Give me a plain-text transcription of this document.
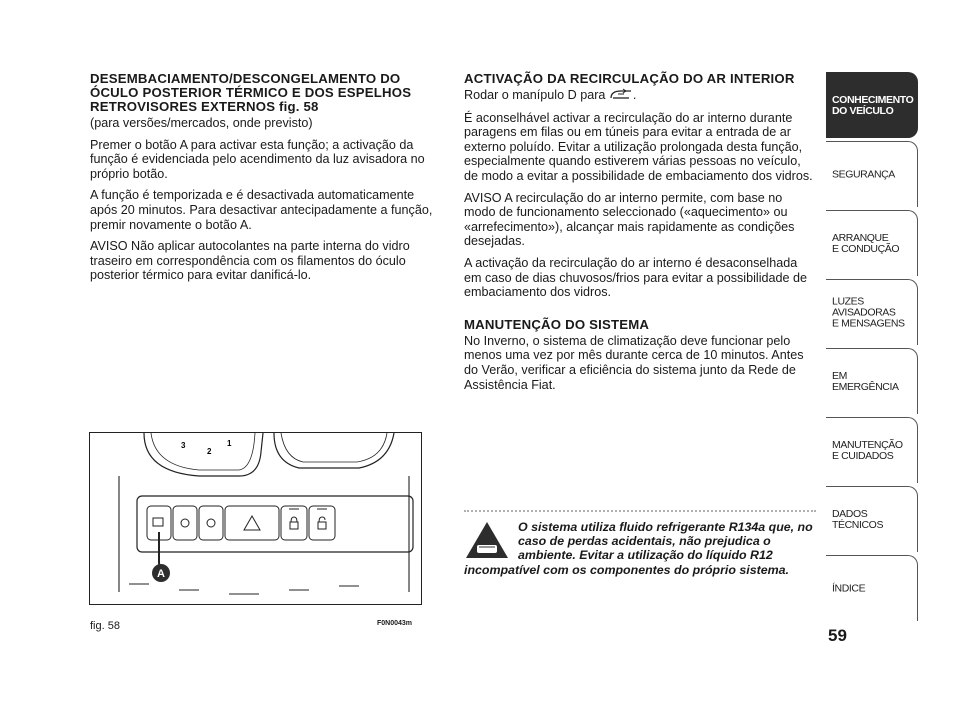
DESEMBACIAMENTO/DESCONGELAMENTO DO ÓCULO POSTERIOR TÉRMICO E DOS ESPELHOS RETROVISORES EXTERNOS fig. 58

(para versões/mercados, onde previsto)

Premer o botão A para activar esta função; a activação da função é evidenciada pelo acendimento da luz avisadora no próprio botão.

A função é temporizada e é desactivada automaticamente após 20 minutos. Para desactivar antecipadamente a função, premir novamente o botão A.

AVISO Não aplicar autocolantes na parte interna do vidro traseiro em correspondência com os filamentos do óculo posterior térmico para evitar danificá-lo.

ACTIVAÇÃO DA RECIRCULAÇÃO DO AR INTERIOR

Rodar o manípulo D para .

É aconselhável activar a recirculação do ar interno durante paragens em filas ou em túneis para evitar a entrada de ar externo poluído. Evitar a utilização prolongada desta função, especialmente quando estiverem várias pessoas no veículo, de modo a evitar a possibilidade de embaciamento dos vidros.

AVISO A recirculação do ar interno permite, com base no modo de funcionamento seleccionado («aquecimento» ou «arrefecimento»), alcançar mais rapidamente as condições desejadas.

A activação da recirculação do ar interno é desaconselhada em caso de dias chuvosos/frios para evitar a possibilidade de embaciamento dos vidros.

MANUTENÇÃO DO SISTEMA

No Inverno, o sistema de climatização deve funcionar pelo menos uma vez por mês durante cerca de 10 minutos. Antes do Verão, verificar a eficiência do sistema junto da Rede de Assistência Fiat.

3
2
1
A
fig. 58	F0N0043m
O sistema utiliza fluido refrigerante R134a que, no caso de perdas acidentais, não prejudica o ambiente. Evitar a utilização do líquido R12 incompatível com os componentes do próprio sistema.
CONHECIMENTO
DO VEÍCULO
SEGURANÇA
ARRANQUE
E CONDUÇÃO
LUZES
AVISADORAS
E MENSAGENS
EM EMERGÊNCIA
MANUTENÇÃO
E CUIDADOS
DADOS
TÉCNICOS
ÍNDICE
59
